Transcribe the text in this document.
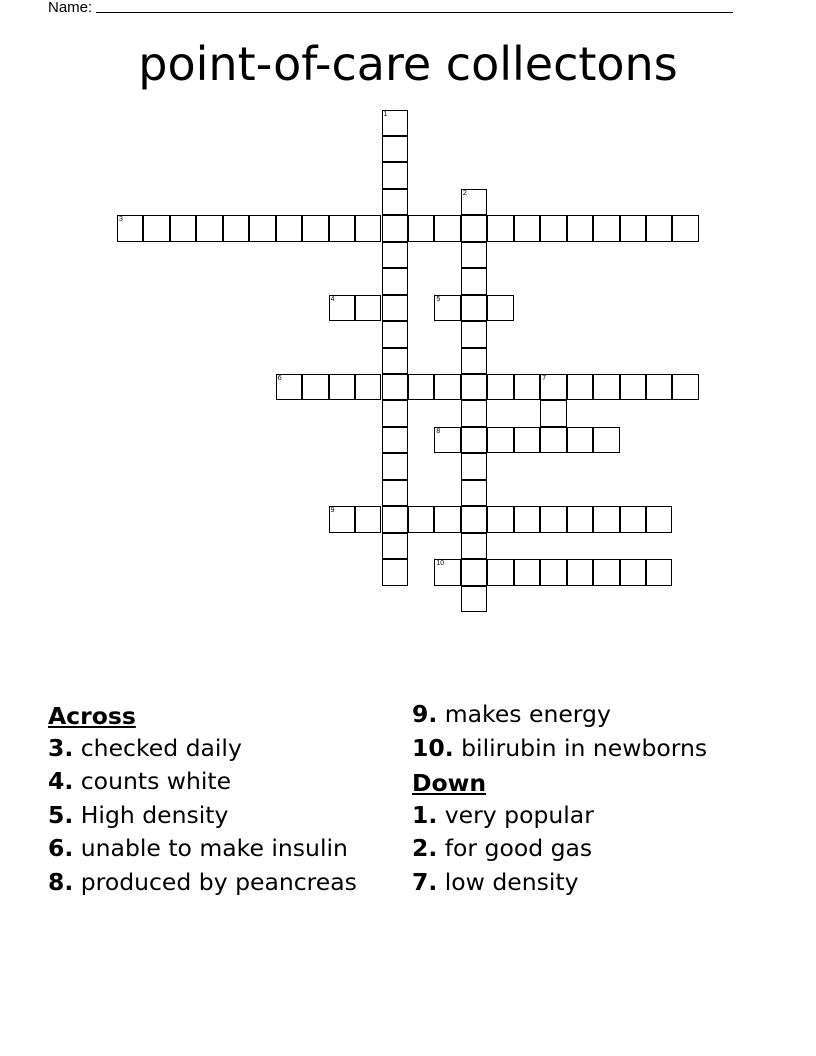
Name:
point-of-care collectons
1
2
3
4	5
6	7
8
9
10
Across
3. checked daily
4. counts white
5. High density
6. unable to make insulin
8. produced by peancreas
9. makes energy
10. bilirubin in newborns
Down
1. very popular
2. for good gas
7. low density
